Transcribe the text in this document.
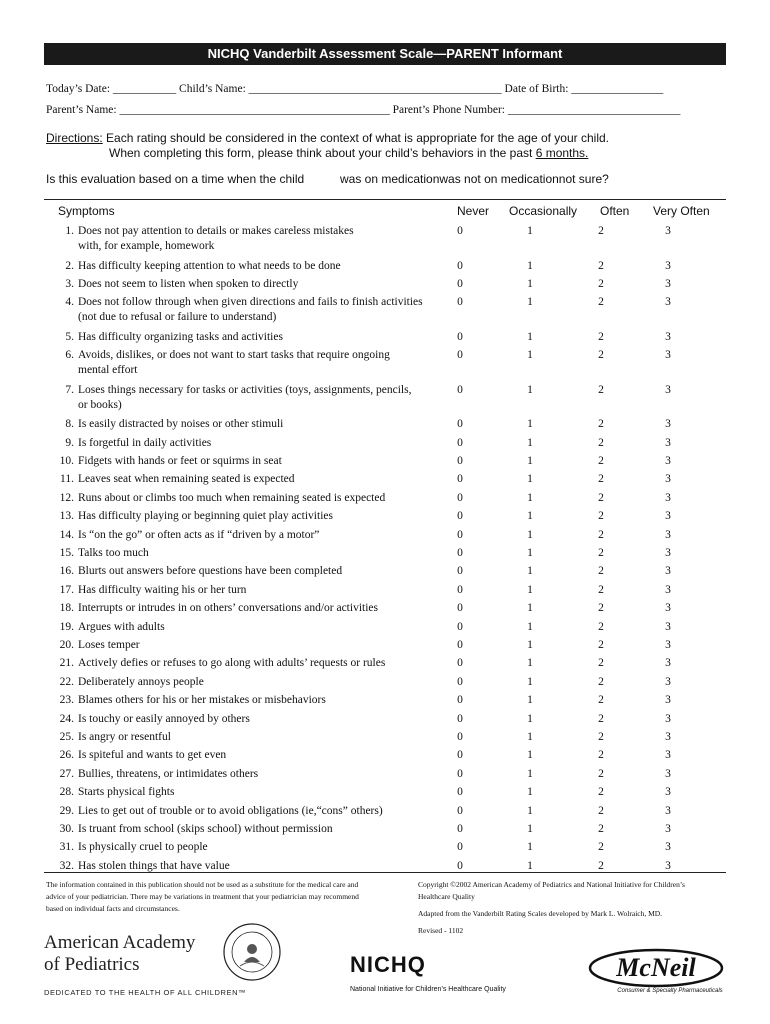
NICHQ Vanderbilt Assessment Scale—PARENT Informant
Today’s Date: ___________ Child’s Name: ____________________________________________ Date of Birth: ________________
Parent’s Name: _______________________________________________ Parent’s Phone Number: ______________________________
Directions: Each rating should be considered in the context of what is appropriate for the age of your child.
When completing this form, please think about your child’s behaviors in the past 6 months.
Is this evaluation based on a time when the child	was on medicationwas not on medicationnot sure?
Symptoms	Never Occasionally Often Very Often
1. Does not pay attention to details or makes careless mistakes
with, for example, homework
0	1	2	3
2. Has difficulty keeping attention to what needs to be done	0	1	2	3
3. Does not seem to listen when spoken to directly	0	1	2	3
4. Does not follow through when given directions and fails to finish activities
(not due to refusal or failure to understand)
0	1	2	3
5. Has difficulty organizing tasks and activities	0	1	2	3
6. Avoids, dislikes, or does not want to start tasks that require ongoing
mental effort
0	1	2	3
7. Loses things necessary for tasks or activities (toys, assignments, pencils,
or books)
0	1	2	3
8. Is easily distracted by noises or other stimuli	0	1	2	3
9. Is forgetful in daily activities	0	1	2	3
10. Fidgets with hands or feet or squirms in seat	0	1	2	3
11. Leaves seat when remaining seated is expected	0	1	2	3
12. Runs about or climbs too much when remaining seated is expected	0	1	2	3
13. Has difficulty playing or beginning quiet play activities	0	1	2	3
14. Is “on the go” or often acts as if “driven by a motor”	0	1	2	3
15. Talks too much	0	1	2	3
16. Blurts out answers before questions have been completed	0	1	2	3
17. Has difficulty waiting his or her turn	0	1	2	3
18. Interrupts or intrudes in on others’ conversations and/or activities	0	1	2	3
19. Argues with adults	0	1	2	3
20. Loses temper	0	1	2	3
21. Actively defies or refuses to go along with adults’ requests or rules	0	1	2	3
22. Deliberately annoys people	0	1	2	3
23. Blames others for his or her mistakes or misbehaviors	0	1	2	3
24. Is touchy or easily annoyed by others	0	1	2	3
25. Is angry or resentful	0	1	2	3
26. Is spiteful and wants to get even	0	1	2	3
27. Bullies, threatens, or intimidates others	0	1	2	3
28. Starts physical fights	0	1	2	3
29. Lies to get out of trouble or to avoid obligations (ie,“cons” others)	0	1	2	3
30. Is truant from school (skips school) without permission	0	1	2	3
31. Is physically cruel to people	0	1	2	3
32. Has stolen things that have value	0	1	2	3
The information contained in this publication should not be used as a substitute for the medical care and advice of your pediatrician. There may be variations in treatment that your pediatrician may recommend based on individual facts and circumstances.

Copyright ©2002 American Academy of Pediatrics and National Initiative for Children’s Healthcare Quality

Adapted from the Vanderbilt Rating Scales developed by Mark L. Wolraich, MD.

Revised - 1102

American Academy
of Pediatrics
DEDICATED TO THE HEALTH OF ALL CHILDREN™
NICHQ
National Initiative for Children’s Healthcare Quality
McNeil
Consumer & Specialty Pharmaceuticals
